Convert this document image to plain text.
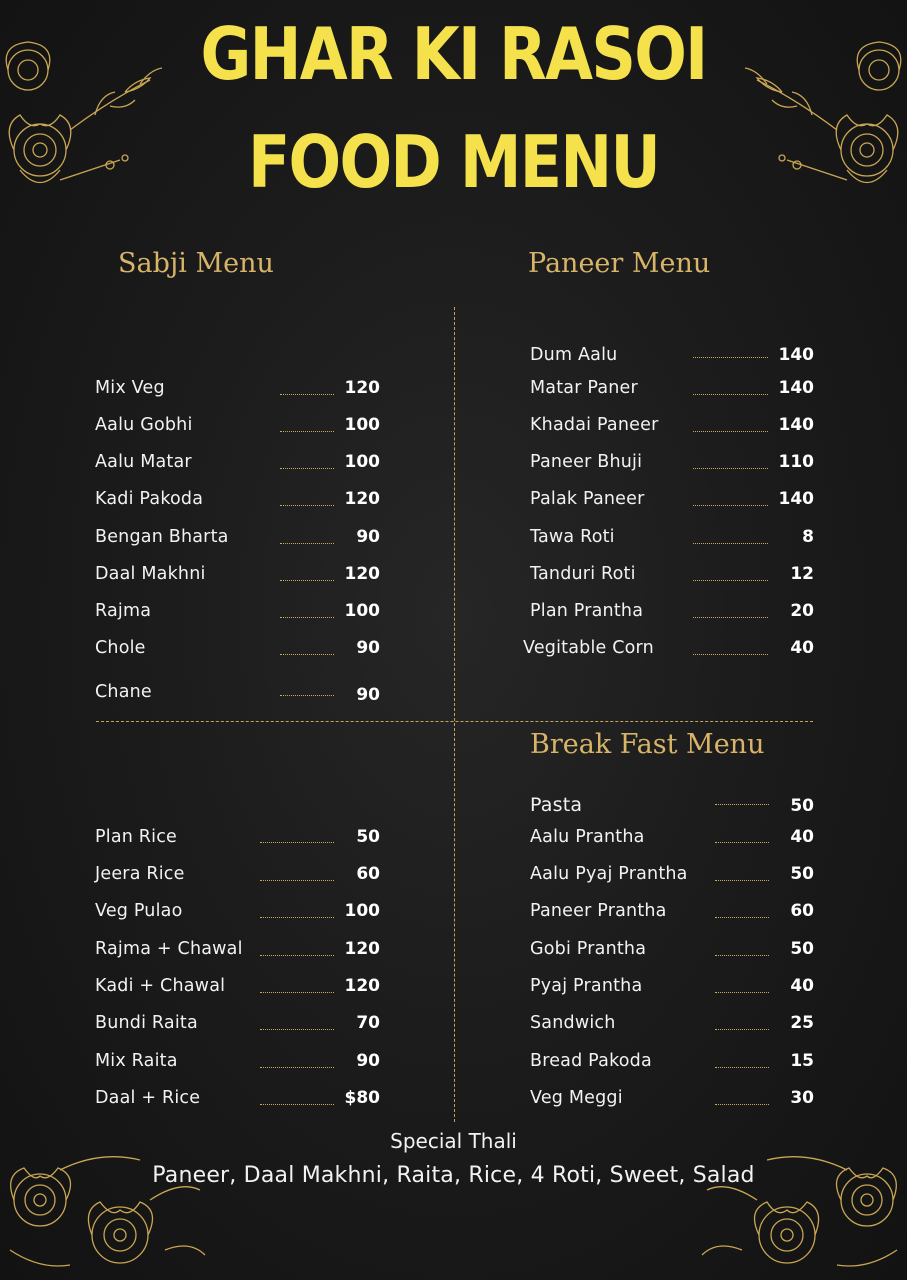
GHAR KI RASOI
FOOD MENU
Sabji Menu	Paneer Menu
Break Fast Menu
Mix Veg	120
Aalu Gobhi	100
Aalu Matar	100
Kadi Pakoda	120
Bengan Bharta	90
Daal Makhni	120
Rajma	100
Chole	90
Chane	90
Dum Aalu	140
Matar Paner	140
Khadai Paneer	140
Paneer Bhuji	110
Palak Paneer	140
Tawa Roti	8
Tanduri Roti	12
Plan Prantha	20
Vegitable Corn	40
Plan Rice	50
Jeera Rice	60
Veg Pulao	100
Rajma + Chawal	120
Kadi + Chawal	120
Bundi Raita	70
Mix Raita	90
Daal + Rice	$80
Pasta	50
Aalu Prantha	40
Aalu Pyaj Prantha	50
Paneer Prantha	60
Gobi Prantha	50
Pyaj Prantha	40
Sandwich	25
Bread Pakoda	15
Veg Meggi	30
Special Thali
Paneer, Daal Makhni, Raita, Rice, 4 Roti, Sweet, Salad
